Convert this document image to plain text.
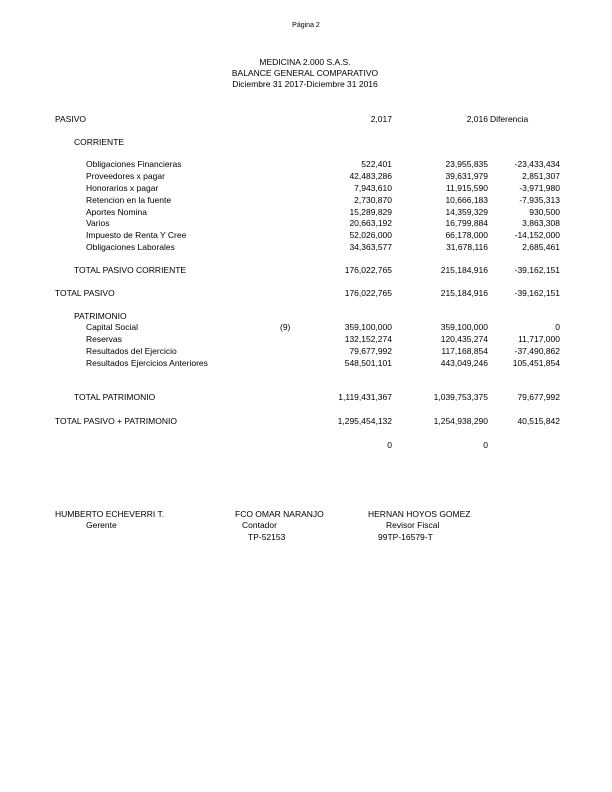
Página 2
MEDICINA 2.000 S.A.S.
BALANCE GENERAL COMPARATIVO
Diciembre 31 2017-Diciembre 31 2016
PASIVO	2,017	2,016 Diferencia
CORRIENTE
Obligaciones Financieras	522,401	23,955,835	-23,433,434
Proveedores x pagar	42,483,286	39,631,979	2,851,307
Honorarios x pagar	7,943,610	11,915,590	-3,971,980
Retencion en la fuente	2,730,870	10,666,183	-7,935,313
Aportes Nomina	15,289,829	14,359,329	930,500
Varios	20,663,192	16,799,884	3,863,308
Impuesto de Renta Y Cree	52,026,000	66,178,000	-14,152,000
Obligaciones Laborales	34,363,577	31,678,116	2,685,461
TOTAL PASIVO CORRIENTE	176,022,765	215,184,916	-39,162,151
TOTAL PASIVO	176,022,765	215,184,916	-39,162,151
PATRIMONIO
Capital Social	(9)	359,100,000	359,100,000	0
Reservas	132,152,274	120,435,274	11,717,000
Resultados del Ejercicio	79,677,992	117,168,854	-37,490,862
Resultados Ejercicios Anteriores	548,501,101	443,049,246	105,451,854
TOTAL PATRIMONIO	1,119,431,367	1,039,753,375	79,677,992
TOTAL PASIVO + PATRIMONIO	1,295,454,132	1,254,938,290	40,515,842
0	0
HUMBERTO ECHEVERRI T.
Gerente
FCO OMAR NARANJO
Contador
TP-52153
HERNAN HOYOS GOMEZ
Revisor Fiscal
99TP-16579-T
